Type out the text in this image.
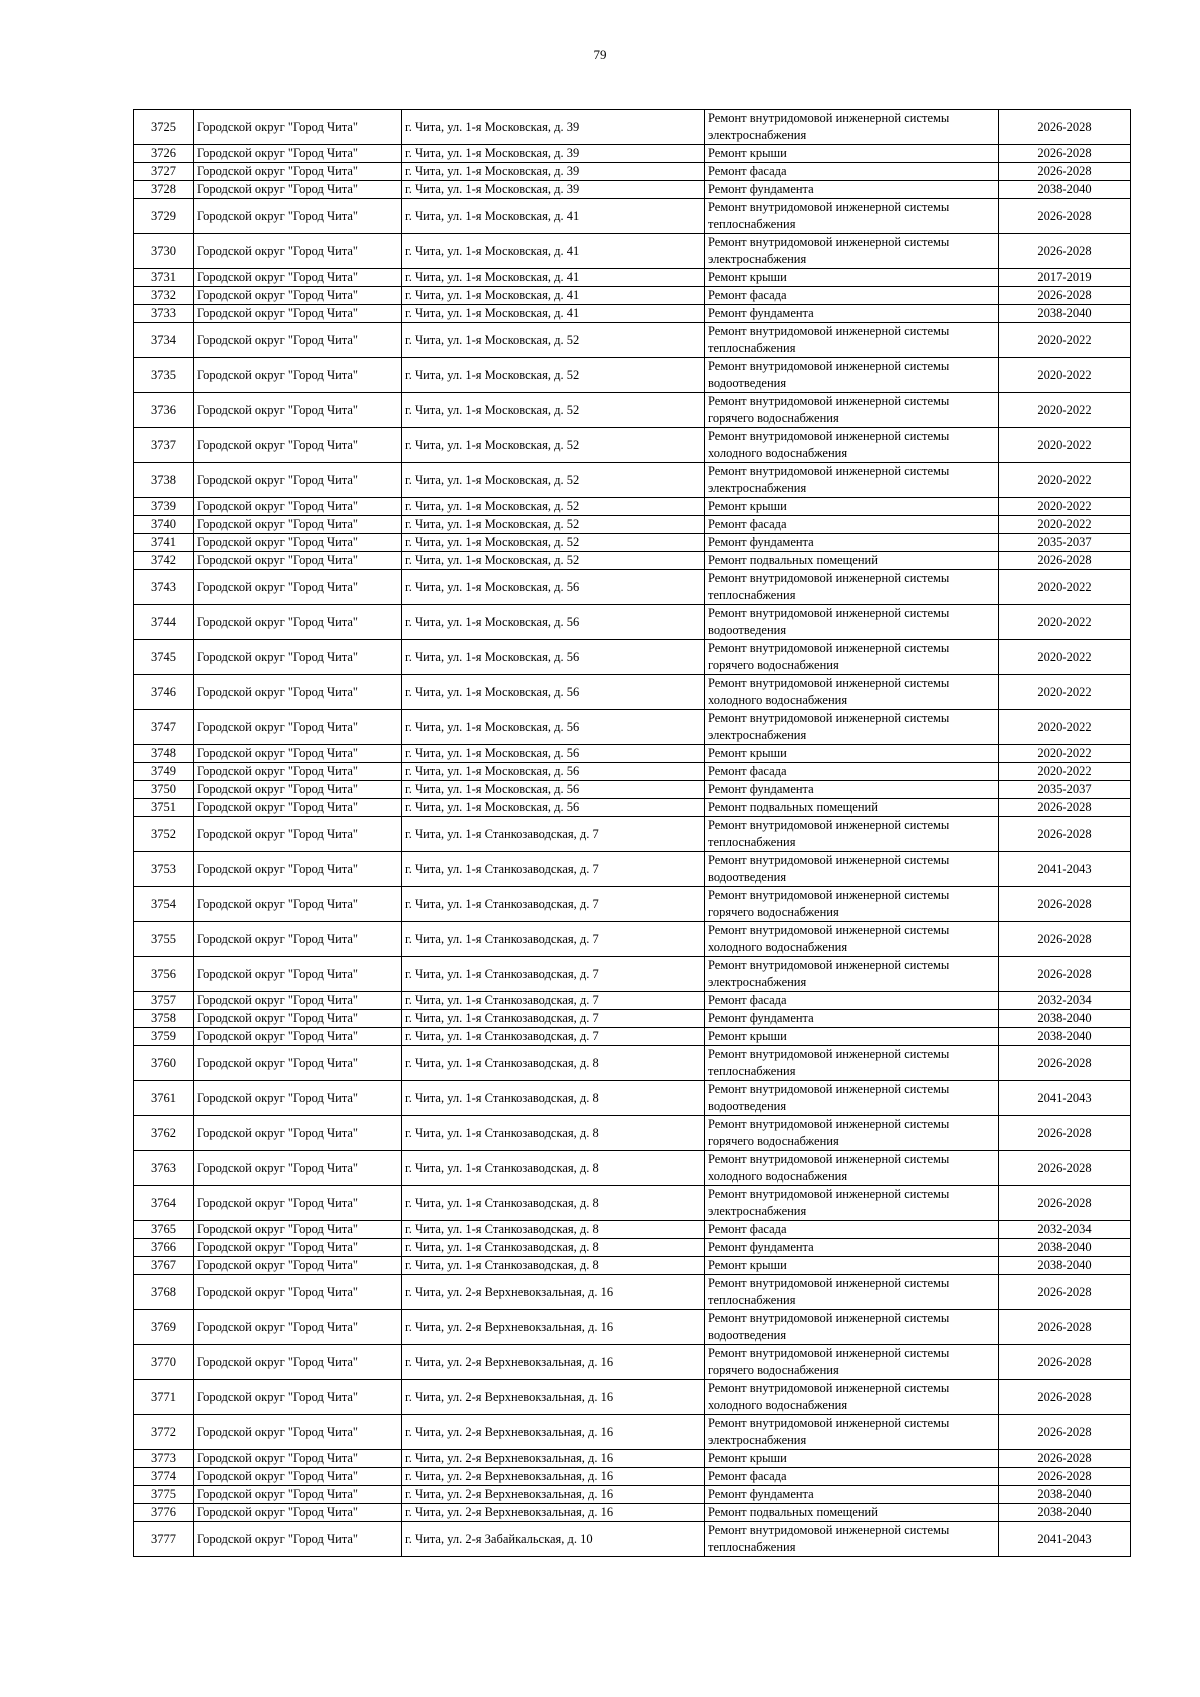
79
3725	Городской округ "Город Чита"	г. Чита, ул. 1-я Московская, д. 39	Ремонт внутридомовой инженерной системы электроснабжения	2026-2028
3726	Городской округ "Город Чита"	г. Чита, ул. 1-я Московская, д. 39	Ремонт крыши	2026-2028
3727	Городской округ "Город Чита"	г. Чита, ул. 1-я Московская, д. 39	Ремонт фасада	2026-2028
3728	Городской округ "Город Чита"	г. Чита, ул. 1-я Московская, д. 39	Ремонт фундамента	2038-2040
3729	Городской округ "Город Чита"	г. Чита, ул. 1-я Московская, д. 41	Ремонт внутридомовой инженерной системы теплоснабжения	2026-2028
3730	Городской округ "Город Чита"	г. Чита, ул. 1-я Московская, д. 41	Ремонт внутридомовой инженерной системы электроснабжения	2026-2028
3731	Городской округ "Город Чита"	г. Чита, ул. 1-я Московская, д. 41	Ремонт крыши	2017-2019
3732	Городской округ "Город Чита"	г. Чита, ул. 1-я Московская, д. 41	Ремонт фасада	2026-2028
3733	Городской округ "Город Чита"	г. Чита, ул. 1-я Московская, д. 41	Ремонт фундамента	2038-2040
3734	Городской округ "Город Чита"	г. Чита, ул. 1-я Московская, д. 52	Ремонт внутридомовой инженерной системы теплоснабжения	2020-2022
3735	Городской округ "Город Чита"	г. Чита, ул. 1-я Московская, д. 52	Ремонт внутридомовой инженерной системы водоотведения	2020-2022
3736	Городской округ "Город Чита"	г. Чита, ул. 1-я Московская, д. 52	Ремонт внутридомовой инженерной системы горячего водоснабжения	2020-2022
3737	Городской округ "Город Чита"	г. Чита, ул. 1-я Московская, д. 52	Ремонт внутридомовой инженерной системы холодного водоснабжения	2020-2022
3738	Городской округ "Город Чита"	г. Чита, ул. 1-я Московская, д. 52	Ремонт внутридомовой инженерной системы электроснабжения	2020-2022
3739	Городской округ "Город Чита"	г. Чита, ул. 1-я Московская, д. 52	Ремонт крыши	2020-2022
3740	Городской округ "Город Чита"	г. Чита, ул. 1-я Московская, д. 52	Ремонт фасада	2020-2022
3741	Городской округ "Город Чита"	г. Чита, ул. 1-я Московская, д. 52	Ремонт фундамента	2035-2037
3742	Городской округ "Город Чита"	г. Чита, ул. 1-я Московская, д. 52	Ремонт подвальных помещений	2026-2028
3743	Городской округ "Город Чита"	г. Чита, ул. 1-я Московская, д. 56	Ремонт внутридомовой инженерной системы теплоснабжения	2020-2022
3744	Городской округ "Город Чита"	г. Чита, ул. 1-я Московская, д. 56	Ремонт внутридомовой инженерной системы водоотведения	2020-2022
3745	Городской округ "Город Чита"	г. Чита, ул. 1-я Московская, д. 56	Ремонт внутридомовой инженерной системы горячего водоснабжения	2020-2022
3746	Городской округ "Город Чита"	г. Чита, ул. 1-я Московская, д. 56	Ремонт внутридомовой инженерной системы холодного водоснабжения	2020-2022
3747	Городской округ "Город Чита"	г. Чита, ул. 1-я Московская, д. 56	Ремонт внутридомовой инженерной системы электроснабжения	2020-2022
3748	Городской округ "Город Чита"	г. Чита, ул. 1-я Московская, д. 56	Ремонт крыши	2020-2022
3749	Городской округ "Город Чита"	г. Чита, ул. 1-я Московская, д. 56	Ремонт фасада	2020-2022
3750	Городской округ "Город Чита"	г. Чита, ул. 1-я Московская, д. 56	Ремонт фундамента	2035-2037
3751	Городской округ "Город Чита"	г. Чита, ул. 1-я Московская, д. 56	Ремонт подвальных помещений	2026-2028
3752	Городской округ "Город Чита"	г. Чита, ул. 1-я Станкозаводская, д. 7	Ремонт внутридомовой инженерной системы теплоснабжения	2026-2028
3753	Городской округ "Город Чита"	г. Чита, ул. 1-я Станкозаводская, д. 7	Ремонт внутридомовой инженерной системы водоотведения	2041-2043
3754	Городской округ "Город Чита"	г. Чита, ул. 1-я Станкозаводская, д. 7	Ремонт внутридомовой инженерной системы горячего водоснабжения	2026-2028
3755	Городской округ "Город Чита"	г. Чита, ул. 1-я Станкозаводская, д. 7	Ремонт внутридомовой инженерной системы холодного водоснабжения	2026-2028
3756	Городской округ "Город Чита"	г. Чита, ул. 1-я Станкозаводская, д. 7	Ремонт внутридомовой инженерной системы электроснабжения	2026-2028
3757	Городской округ "Город Чита"	г. Чита, ул. 1-я Станкозаводская, д. 7	Ремонт фасада	2032-2034
3758	Городской округ "Город Чита"	г. Чита, ул. 1-я Станкозаводская, д. 7	Ремонт фундамента	2038-2040
3759	Городской округ "Город Чита"	г. Чита, ул. 1-я Станкозаводская, д. 7	Ремонт крыши	2038-2040
3760	Городской округ "Город Чита"	г. Чита, ул. 1-я Станкозаводская, д. 8	Ремонт внутридомовой инженерной системы теплоснабжения	2026-2028
3761	Городской округ "Город Чита"	г. Чита, ул. 1-я Станкозаводская, д. 8	Ремонт внутридомовой инженерной системы водоотведения	2041-2043
3762	Городской округ "Город Чита"	г. Чита, ул. 1-я Станкозаводская, д. 8	Ремонт внутридомовой инженерной системы горячего водоснабжения	2026-2028
3763	Городской округ "Город Чита"	г. Чита, ул. 1-я Станкозаводская, д. 8	Ремонт внутридомовой инженерной системы холодного водоснабжения	2026-2028
3764	Городской округ "Город Чита"	г. Чита, ул. 1-я Станкозаводская, д. 8	Ремонт внутридомовой инженерной системы электроснабжения	2026-2028
3765	Городской округ "Город Чита"	г. Чита, ул. 1-я Станкозаводская, д. 8	Ремонт фасада	2032-2034
3766	Городской округ "Город Чита"	г. Чита, ул. 1-я Станкозаводская, д. 8	Ремонт фундамента	2038-2040
3767	Городской округ "Город Чита"	г. Чита, ул. 1-я Станкозаводская, д. 8	Ремонт крыши	2038-2040
3768	Городской округ "Город Чита"	г. Чита, ул. 2-я Верхневокзальная, д. 16	Ремонт внутридомовой инженерной системы теплоснабжения	2026-2028
3769	Городской округ "Город Чита"	г. Чита, ул. 2-я Верхневокзальная, д. 16	Ремонт внутридомовой инженерной системы водоотведения	2026-2028
3770	Городской округ "Город Чита"	г. Чита, ул. 2-я Верхневокзальная, д. 16	Ремонт внутридомовой инженерной системы горячего водоснабжения	2026-2028
3771	Городской округ "Город Чита"	г. Чита, ул. 2-я Верхневокзальная, д. 16	Ремонт внутридомовой инженерной системы холодного водоснабжения	2026-2028
3772	Городской округ "Город Чита"	г. Чита, ул. 2-я Верхневокзальная, д. 16	Ремонт внутридомовой инженерной системы электроснабжения	2026-2028
3773	Городской округ "Город Чита"	г. Чита, ул. 2-я Верхневокзальная, д. 16	Ремонт крыши	2026-2028
3774	Городской округ "Город Чита"	г. Чита, ул. 2-я Верхневокзальная, д. 16	Ремонт фасада	2026-2028
3775	Городской округ "Город Чита"	г. Чита, ул. 2-я Верхневокзальная, д. 16	Ремонт фундамента	2038-2040
3776	Городской округ "Город Чита"	г. Чита, ул. 2-я Верхневокзальная, д. 16	Ремонт подвальных помещений	2038-2040
3777	Городской округ "Город Чита"	г. Чита, ул. 2-я Забайкальская, д. 10	Ремонт внутридомовой инженерной системы теплоснабжения	2041-2043
